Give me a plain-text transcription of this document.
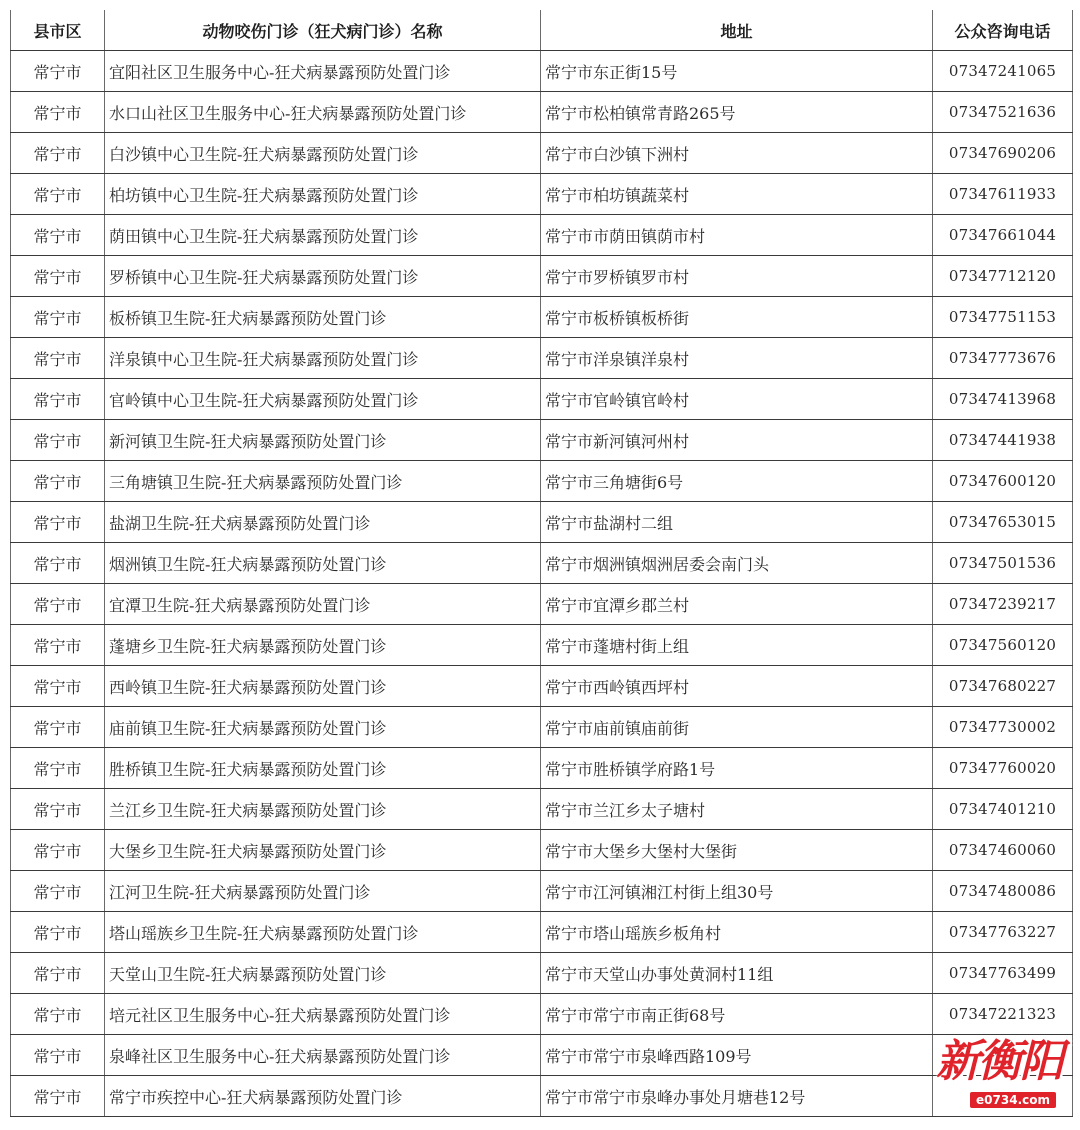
县市区	动物咬伤门诊（狂犬病门诊）名称	地址	公众咨询电话
常宁市	宜阳社区卫生服务中心-狂犬病暴露预防处置门诊	常宁市东正街15号	07347241065
常宁市	水口山社区卫生服务中心-狂犬病暴露预防处置门诊	常宁市松柏镇常青路265号	07347521636
常宁市	白沙镇中心卫生院-狂犬病暴露预防处置门诊	常宁市白沙镇下洲村	07347690206
常宁市	柏坊镇中心卫生院-狂犬病暴露预防处置门诊	常宁市柏坊镇蔬菜村	07347611933
常宁市	荫田镇中心卫生院-狂犬病暴露预防处置门诊	常宁市市荫田镇荫市村	07347661044
常宁市	罗桥镇中心卫生院-狂犬病暴露预防处置门诊	常宁市罗桥镇罗市村	07347712120
常宁市	板桥镇卫生院-狂犬病暴露预防处置门诊	常宁市板桥镇板桥街	07347751153
常宁市	洋泉镇中心卫生院-狂犬病暴露预防处置门诊	常宁市洋泉镇洋泉村	07347773676
常宁市	官岭镇中心卫生院-狂犬病暴露预防处置门诊	常宁市官岭镇官岭村	07347413968
常宁市	新河镇卫生院-狂犬病暴露预防处置门诊	常宁市新河镇河州村	07347441938
常宁市	三角塘镇卫生院-狂犬病暴露预防处置门诊	常宁市三角塘街6号	07347600120
常宁市	盐湖卫生院-狂犬病暴露预防处置门诊	常宁市盐湖村二组	07347653015
常宁市	烟洲镇卫生院-狂犬病暴露预防处置门诊	常宁市烟洲镇烟洲居委会南门头	07347501536
常宁市	宜潭卫生院-狂犬病暴露预防处置门诊	常宁市宜潭乡郡兰村	07347239217
常宁市	蓬塘乡卫生院-狂犬病暴露预防处置门诊	常宁市蓬塘村街上组	07347560120
常宁市	西岭镇卫生院-狂犬病暴露预防处置门诊	常宁市西岭镇西坪村	07347680227
常宁市	庙前镇卫生院-狂犬病暴露预防处置门诊	常宁市庙前镇庙前街	07347730002
常宁市	胜桥镇卫生院-狂犬病暴露预防处置门诊	常宁市胜桥镇学府路1号	07347760020
常宁市	兰江乡卫生院-狂犬病暴露预防处置门诊	常宁市兰江乡太子塘村	07347401210
常宁市	大堡乡卫生院-狂犬病暴露预防处置门诊	常宁市大堡乡大堡村大堡街	07347460060
常宁市	江河卫生院-狂犬病暴露预防处置门诊	常宁市江河镇湘江村街上组30号	07347480086
常宁市	塔山瑶族乡卫生院-狂犬病暴露预防处置门诊	常宁市塔山瑶族乡板角村	07347763227
常宁市	天堂山卫生院-狂犬病暴露预防处置门诊	常宁市天堂山办事处黄洞村11组	07347763499
常宁市	培元社区卫生服务中心-狂犬病暴露预防处置门诊	常宁市常宁市南正街68号	07347221323
常宁市	泉峰社区卫生服务中心-狂犬病暴露预防处置门诊	常宁市常宁市泉峰西路109号	
常宁市	常宁市疾控中心-狂犬病暴露预防处置门诊	常宁市常宁市泉峰办事处月塘巷12号	
新衡阳
e0734.com
